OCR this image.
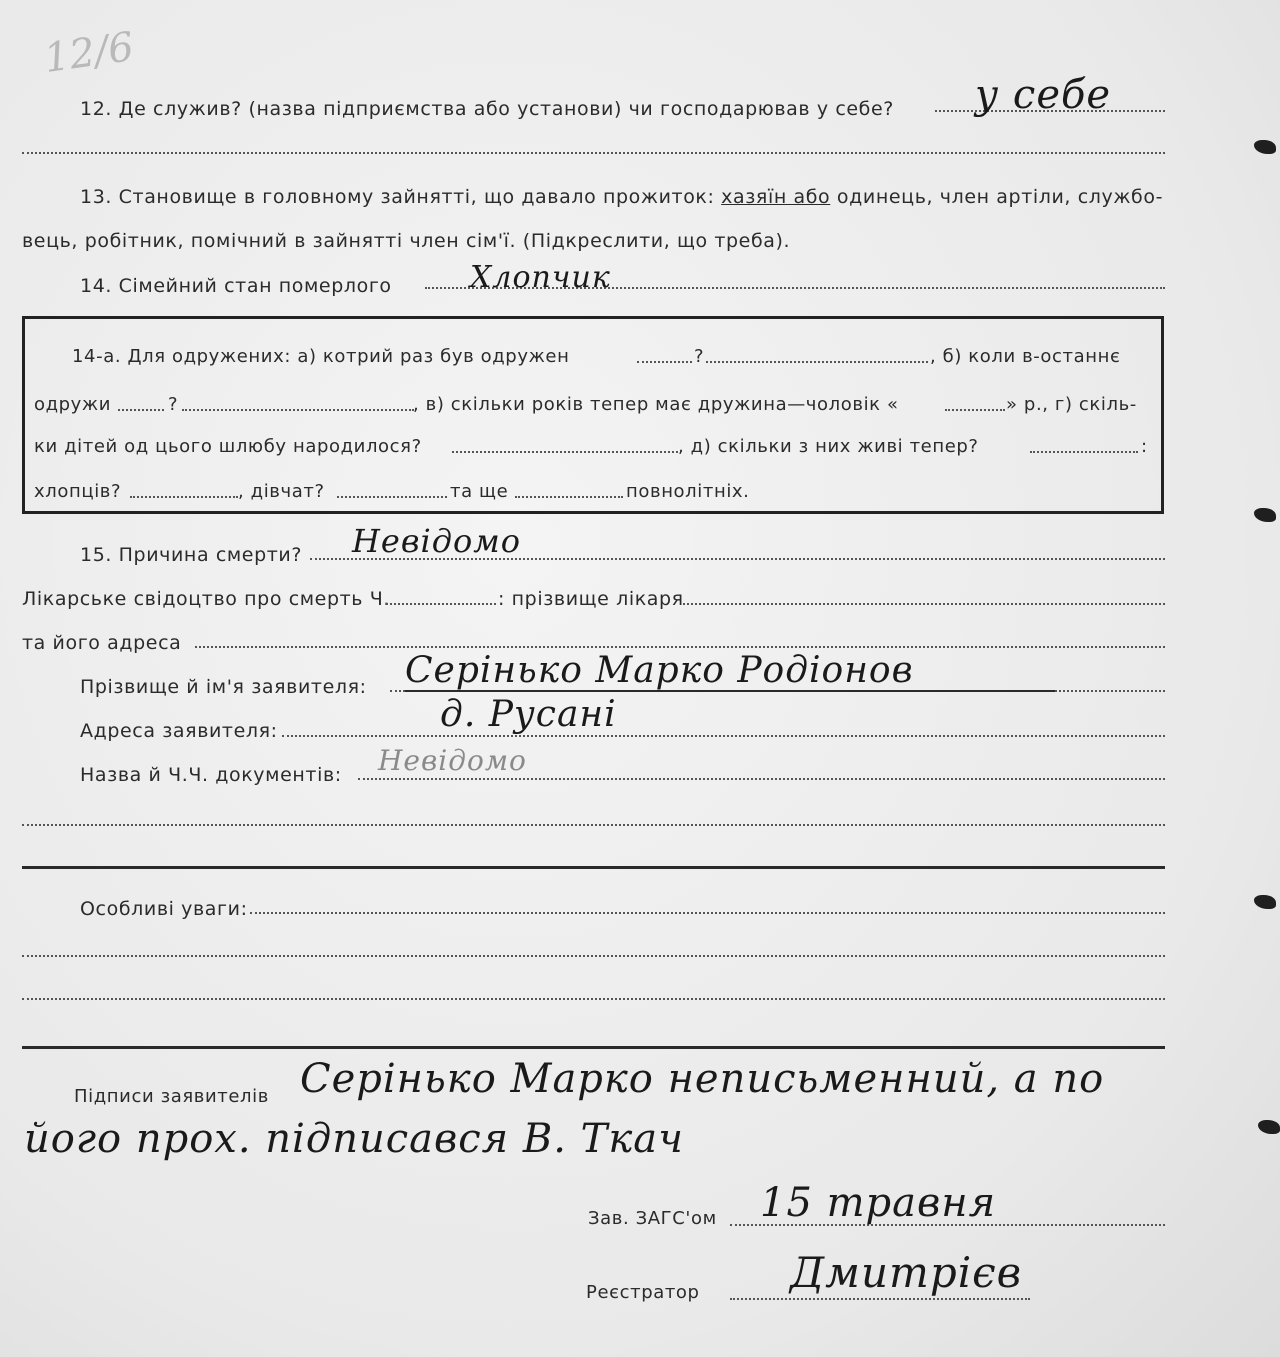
12/6
12. Де служив? (назва підприємства або установи) чи господарював у себе? у себе
13. Становище в головному зайнятті, що давало прожиток: хазяїн або одинець, член артіли, службо-
вець, робітник, помічний в зайнятті член сім'ї. (Підкреслити, що треба).
14. Сімейний стан померлого	Хлопчик
14-а. Для одружених: а) котрий раз був одружен	?	, б) коли в-останнє
одружи	?	, в) скільки років тепер має дружина—чоловік «	» р., г) скіль-
ки дітей од цього шлюбу народилося?	, д) скільки з них живі тепер?	:
хлопців?	, дівчат?	та ще	повнолітніх.
15. Причина смерти? Невідомо
Лікарське свідоцтво про смерть Ч.	: прізвище лікаря
та його адреса
Прізвище й ім'я заявителя: Серінько Марко Родіонов
Адреса заявителя:	д. Русані
Назва й Ч.Ч. документів: Невідомо
Особливі уваги:
Підписи заявителів Серінько Марко неписьменний, а по
його прох. підписався В. Ткач
Зав. ЗАГС'ом 15 травня
Реєстратор Дмитрієв
